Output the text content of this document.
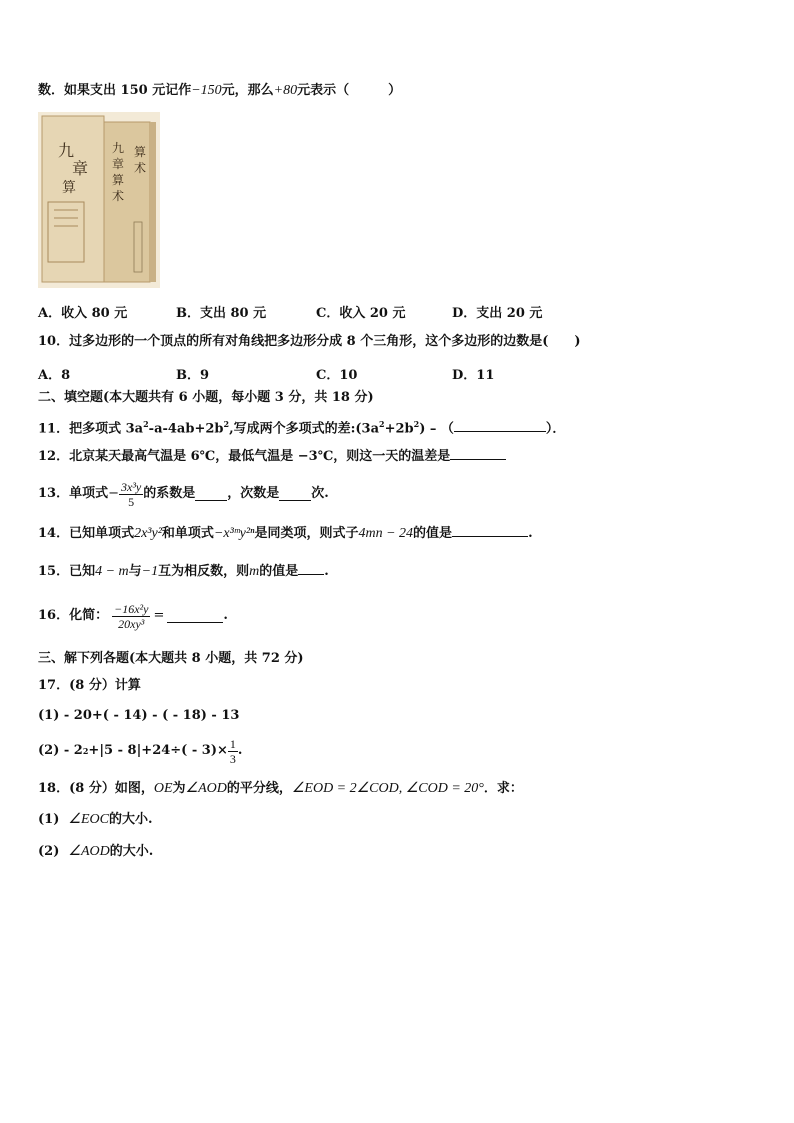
数．如果支出 150 元记作−150元，那么+80元表示（　　　）
九
章
算
九
章
算
术
算
术
A．收入 80 元	B．支出 80 元	C．收入 20 元	D．支出 20 元
10．过多边形的一个顶点的所有对角线把多边形分成 8 个三角形，这个多边形的边数是(　　)
A．8	B．9	C．10	D．11
二、填空题(本大题共有 6 小题，每小题 3 分，共 18 分)
11．把多项式 $3a^2-a-4ab+2b^2$,写成两个多项式的差$:(3a^2+2b^2)$ – （	）．
12．北京某天最高气温是 6℃，最低气温是 −3℃，则这一天的温差是
13．单项式 − $\frac{\text{3x³y}}{5}$ 的系数是 ，次数是 次.
14．已知单项式2x³y²和单项式−x³ᵐy²ⁿ是同类项，则式子4mn − 24的值是	.
15．已知4 − m与−1互为相反数，则m的值是 .
16．化简： $\frac{\text{−16x²y}}{\text{20xy³}}$ =	.
三、解下列各题(本大题共 8 小题，共 72 分)
17．(8 分）计算
(1) - 20+( - 14) - ( - 18) - 13
(2) - 2 $2 +|5 - 8|+24\div( - 3)\times \frac{1}{3}$ .
18．(8 分）如图，OE为∠AOD的平分线，∠EOD = 2∠COD, ∠COD = 20°．求：
(1) ∠EOC的大小.
(2) ∠AOD的大小.
